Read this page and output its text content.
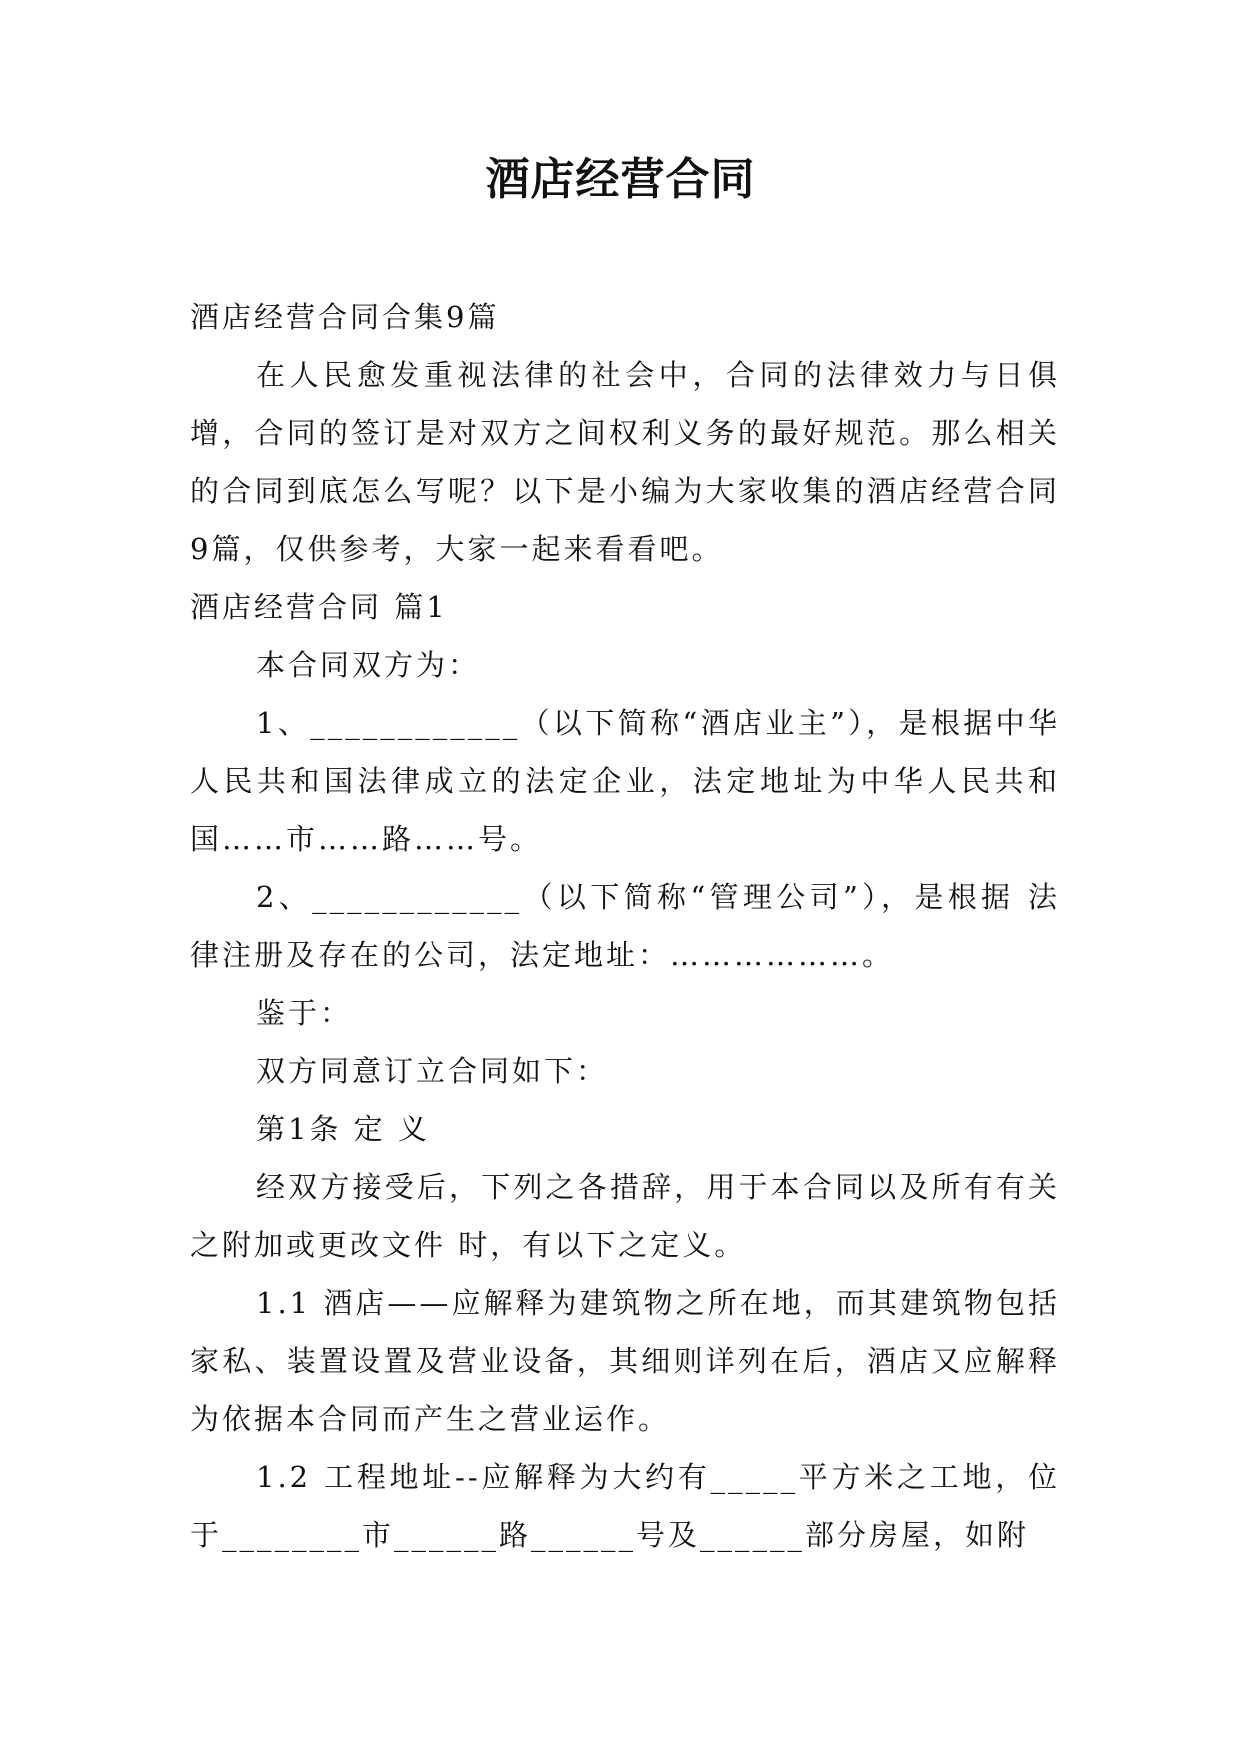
酒店经营合同

酒店经营合同合集9篇

在人民愈发重视法律的社会中，合同的法律效力与日俱增，合同的签订是对双方之间权利义务的最好规范。那么相关的合同到底怎么写呢？以下是小编为大家收集的酒店经营合同9篇，仅供参考，大家一起来看看吧。

酒店经营合同 篇1

本合同双方为：

1、____________（以下简称“酒店业主”），是根据中华人民共和国法律成立的法定企业，法定地址为中华人民共和国……市……路……号。

2、____________（以下简称“管理公司”），是根据 法律注册及存在的公司，法定地址：………………。

鉴于：

双方同意订立合同如下：

第1条 定 义

经双方接受后，下列之各措辞，用于本合同以及所有有关之附加或更改文件 时，有以下之定义。

1.1 酒店——应解释为建筑物之所在地，而其建筑物包括家私、装置设置及营业设备，其细则详列在后，酒店又应解释为依据本合同而产生之营业运作。

1.2 工程地址--应解释为大约有_____平方米之工地，位于________市______路______号及______部分房屋，如附
